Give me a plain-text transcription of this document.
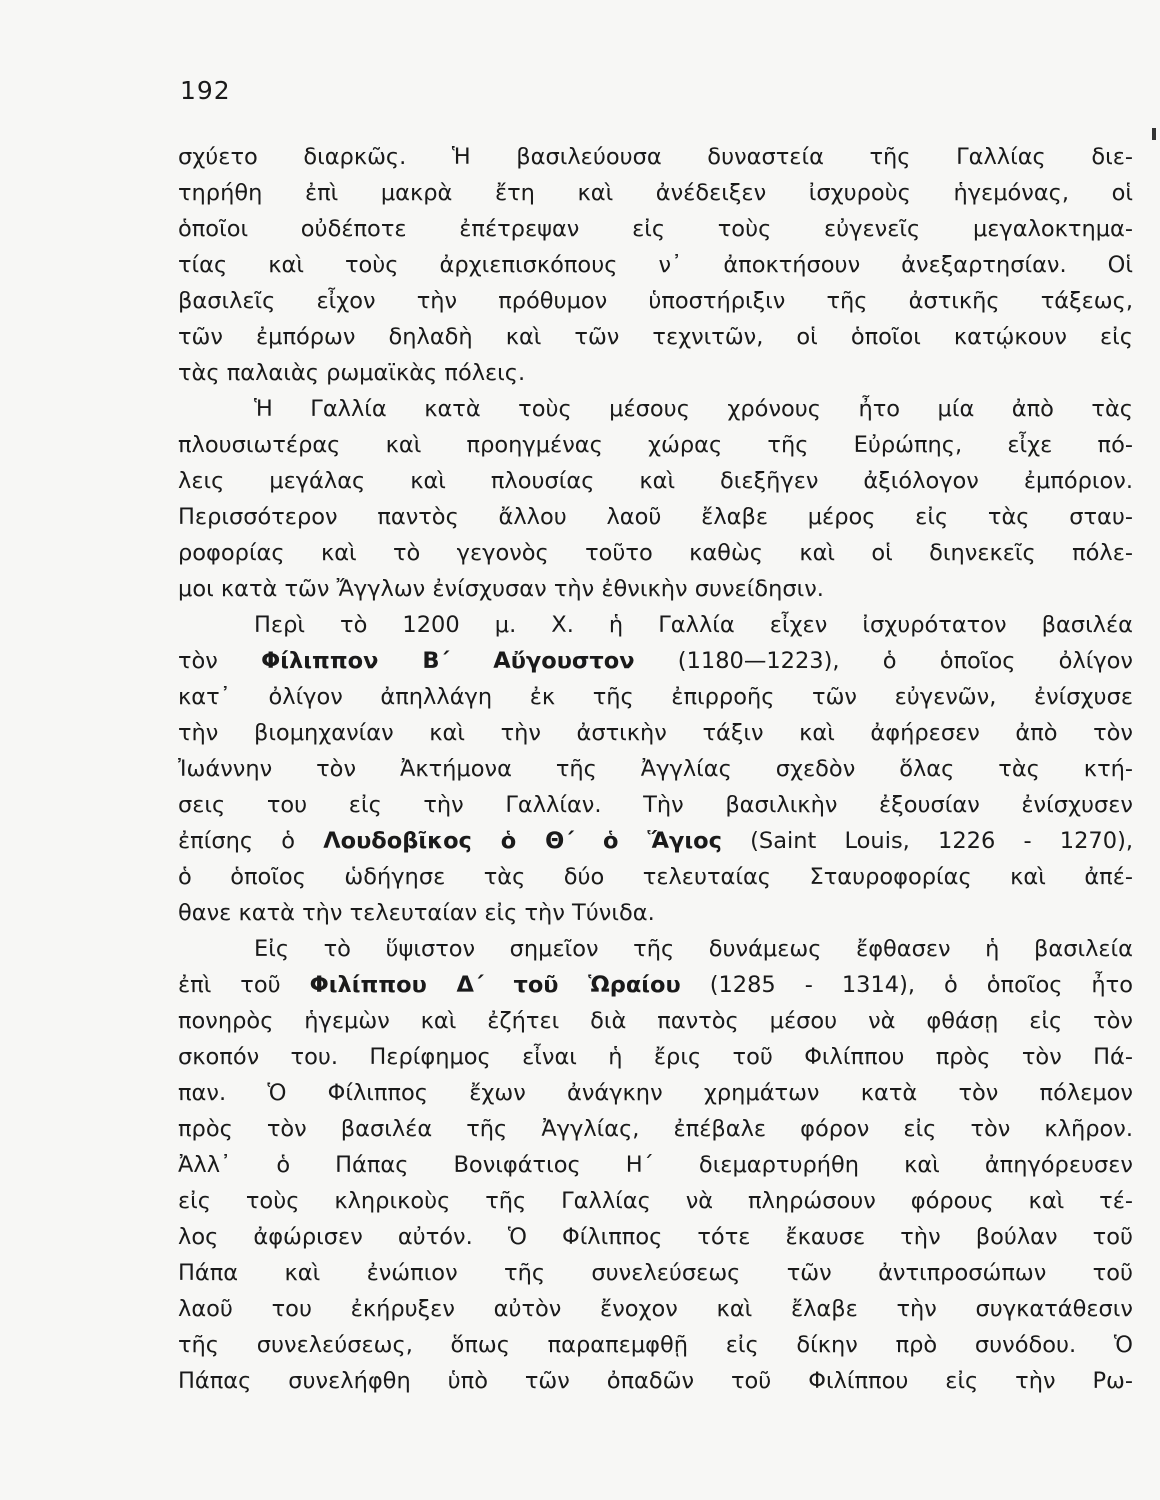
192
σχύετο διαρκῶς. Ἡ βασιλεύουσα δυναστεία τῆς Γαλλίας διε-
τηρήθη ἐπὶ μακρὰ ἔτη καὶ ἀνέδειξεν ἰσχυροὺς ἡγεμόνας, οἱ
ὁποῖοι οὐδέποτε ἐπέτρεψαν εἰς τοὺς εὐγενεῖς μεγαλοκτημα-
τίας καὶ τοὺς ἀρχιεπισκόπους ν᾽ ἀποκτήσουν ἀνεξαρτησίαν. Οἱ
βασιλεῖς εἶχον τὴν πρόθυμον ὑποστήριξιν τῆς ἀστικῆς τάξεως,
τῶν ἐμπόρων δηλαδὴ καὶ τῶν τεχνιτῶν, οἱ ὁποῖοι κατῴκουν εἰς
τὰς παλαιὰς ρωμαϊκὰς πόλεις.
Ἡ Γαλλία κατὰ τοὺς μέσους χρόνους ἦτο μία ἀπὸ τὰς
πλουσιωτέρας καὶ προηγμένας χώρας τῆς Εὐρώπης, εἶχε πό-
λεις μεγάλας καὶ πλουσίας καὶ διεξῆγεν ἀξιόλογον ἐμπόριον.
Περισσότερον παντὸς ἄλλου λαοῦ ἔλαβε μέρος εἰς τὰς σταυ-
ροφορίας καὶ τὸ γεγονὸς τοῦτο καθὼς καὶ οἱ διηνεκεῖς πόλε-
μοι κατὰ τῶν Ἄγγλων ἐνίσχυσαν τὴν ἐθνικὴν συνείδησιν.
Περὶ τὸ 1200 μ. Χ. ἡ Γαλλία εἶχεν ἰσχυρότατον βασιλέα
τὸν Φίλιππον Β΄ Αὔγουστον (1180—1223), ὁ ὁποῖος ὀλίγον
κατ᾽ ὀλίγον ἀπηλλάγη ἐκ τῆς ἐπιρροῆς τῶν εὐγενῶν, ἐνίσχυσε
τὴν βιομηχανίαν καὶ τὴν ἀστικὴν τάξιν καὶ ἀφήρεσεν ἀπὸ τὸν
Ἰωάννην τὸν Ἀκτήμονα τῆς Ἀγγλίας σχεδὸν ὅλας τὰς κτή-
σεις του εἰς τὴν Γαλλίαν. Τὴν βασιλικὴν ἐξουσίαν ἐνίσχυσεν
ἐπίσης ὁ Λουδοβῖκος ὁ Θ΄ ὁ Ἅγιος (Saint Louis, 1226 - 1270),
ὁ ὁποῖος ὡδήγησε τὰς δύο τελευταίας Σταυροφορίας καὶ ἀπέ-
θανε κατὰ τὴν τελευταίαν εἰς τὴν Τύνιδα.
Εἰς τὸ ὕψιστον σημεῖον τῆς δυνάμεως ἔφθασεν ἡ βασιλεία
ἐπὶ τοῦ Φιλίππου Δ΄ τοῦ Ὡραίου (1285 - 1314), ὁ ὁποῖος ἦτο
πονηρὸς ἡγεμὼν καὶ ἐζήτει διὰ παντὸς μέσου νὰ φθάσῃ εἰς τὸν
σκοπόν του. Περίφημος εἶναι ἡ ἔρις τοῦ Φιλίππου πρὸς τὸν Πά-
παν. Ὁ Φίλιππος ἔχων ἀνάγκην χρημάτων κατὰ τὸν πόλεμον
πρὸς τὸν βασιλέα τῆς Ἀγγλίας, ἐπέβαλε φόρον εἰς τὸν κλῆρον.
Ἀλλ᾽ ὁ Πάπας Βονιφάτιος Η΄ διεμαρτυρήθη καὶ ἀπηγόρευσεν
εἰς τοὺς κληρικοὺς τῆς Γαλλίας νὰ πληρώσουν φόρους καὶ τέ-
λος ἀφώρισεν αὐτόν. Ὁ Φίλιππος τότε ἔκαυσε τὴν βούλαν τοῦ
Πάπα καὶ ἐνώπιον τῆς συνελεύσεως τῶν ἀντιπροσώπων τοῦ
λαοῦ του ἐκήρυξεν αὐτὸν ἔνοχον καὶ ἔλαβε τὴν συγκατάθεσιν
τῆς συνελεύσεως, ὅπως παραπεμφθῇ εἰς δίκην πρὸ συνόδου. Ὁ
Πάπας συνελήφθη ὑπὸ τῶν ὀπαδῶν τοῦ Φιλίππου εἰς τὴν Ρω-
